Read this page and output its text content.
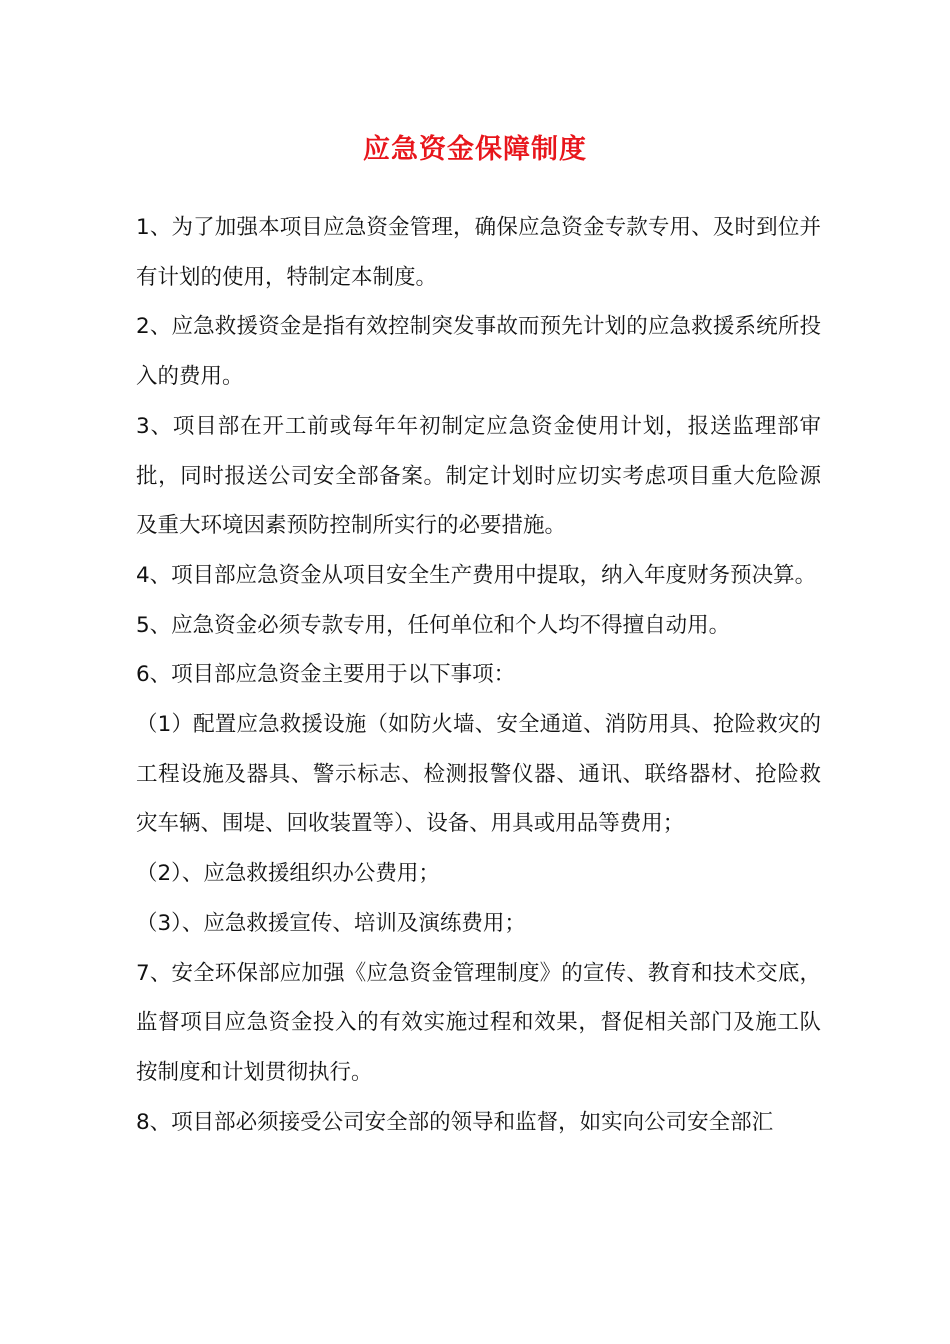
应急资金保障制度

1、为了加强本项目应急资金管理，确保应急资金专款专用、及时到位并有计划的使用，特制定本制度。

2、应急救援资金是指有效控制突发事故而预先计划的应急救援系统所投入的费用。

3、项目部在开工前或每年年初制定应急资金使用计划，报送监理部审批，同时报送公司安全部备案。制定计划时应切实考虑项目重大危险源及重大环境因素预防控制所实行的必要措施。

4、项目部应急资金从项目安全生产费用中提取，纳入年度财务预决算。

5、应急资金必须专款专用，任何单位和个人均不得擅自动用。

6、项目部应急资金主要用于以下事项：

（1）配置应急救援设施（如防火墙、安全通道、消防用具、抢险救灾的工程设施及器具、警示标志、检测报警仪器、通讯、联络器材、抢险救灾车辆、围堤、回收装置等）、设备、用具或用品等费用；

（2）、应急救援组织办公费用；

（3）、应急救援宣传、培训及演练费用；

7、安全环保部应加强《应急资金管理制度》的宣传、教育和技术交底，监督项目应急资金投入的有效实施过程和效果，督促相关部门及施工队按制度和计划贯彻执行。

8、项目部必须接受公司安全部的领导和监督，如实向公司安全部汇
